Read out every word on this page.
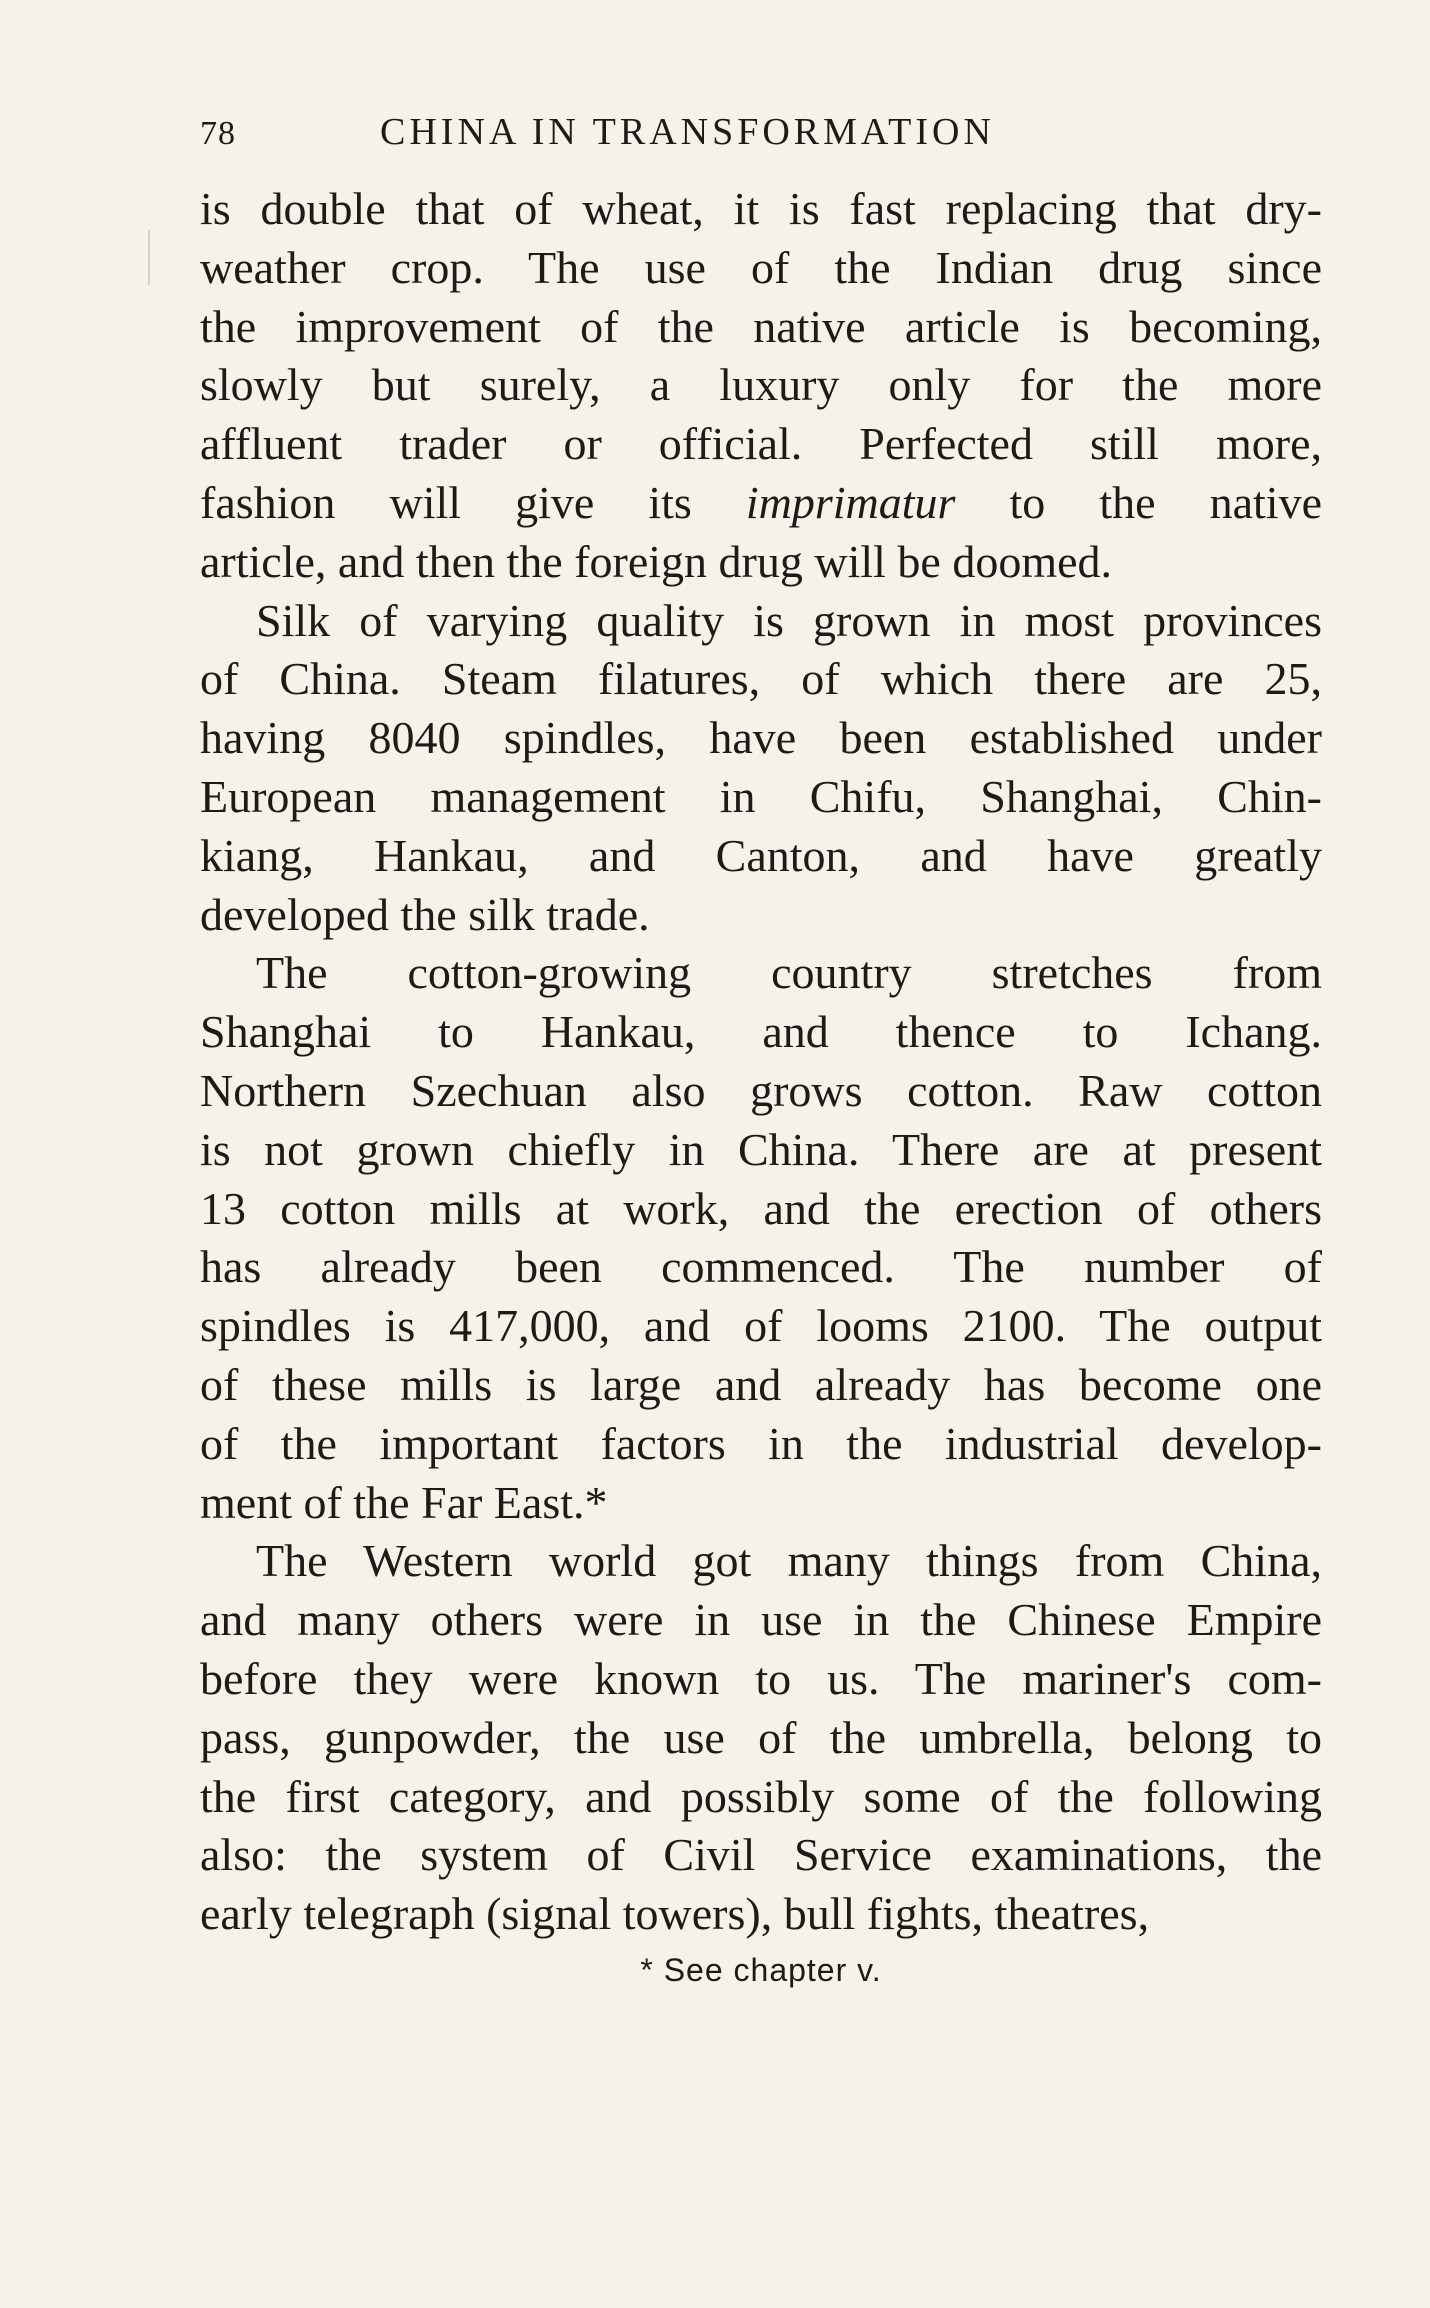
78	CHINA IN TRANSFORMATION
is double that of wheat, it is fast replacing that dry-
weather crop. The use of the Indian drug since
the improvement of the native article is becoming,
slowly but surely, a luxury only for the more
affluent trader or official. Perfected still more,
fashion will give its imprimatur to the native
article, and then the foreign drug will be doomed.
Silk of varying quality is grown in most provinces
of China. Steam filatures, of which there are 25,
having 8040 spindles, have been established under
European management in Chifu, Shanghai, Chin-
kiang, Hankau, and Canton, and have greatly
developed the silk trade.
The cotton-growing country stretches from
Shanghai to Hankau, and thence to Ichang.
Northern Szechuan also grows cotton. Raw cotton
is not grown chiefly in China. There are at present
13 cotton mills at work, and the erection of others
has already been commenced. The number of
spindles is 417,000, and of looms 2100. The output
of these mills is large and already has become one
of the important factors in the industrial develop-
ment of the Far East.*
The Western world got many things from China,
and many others were in use in the Chinese Empire
before they were known to us. The mariner's com-
pass, gunpowder, the use of the umbrella, belong to
the first category, and possibly some of the following
also: the system of Civil Service examinations, the
early telegraph (signal towers), bull fights, theatres,
* See chapter v.
